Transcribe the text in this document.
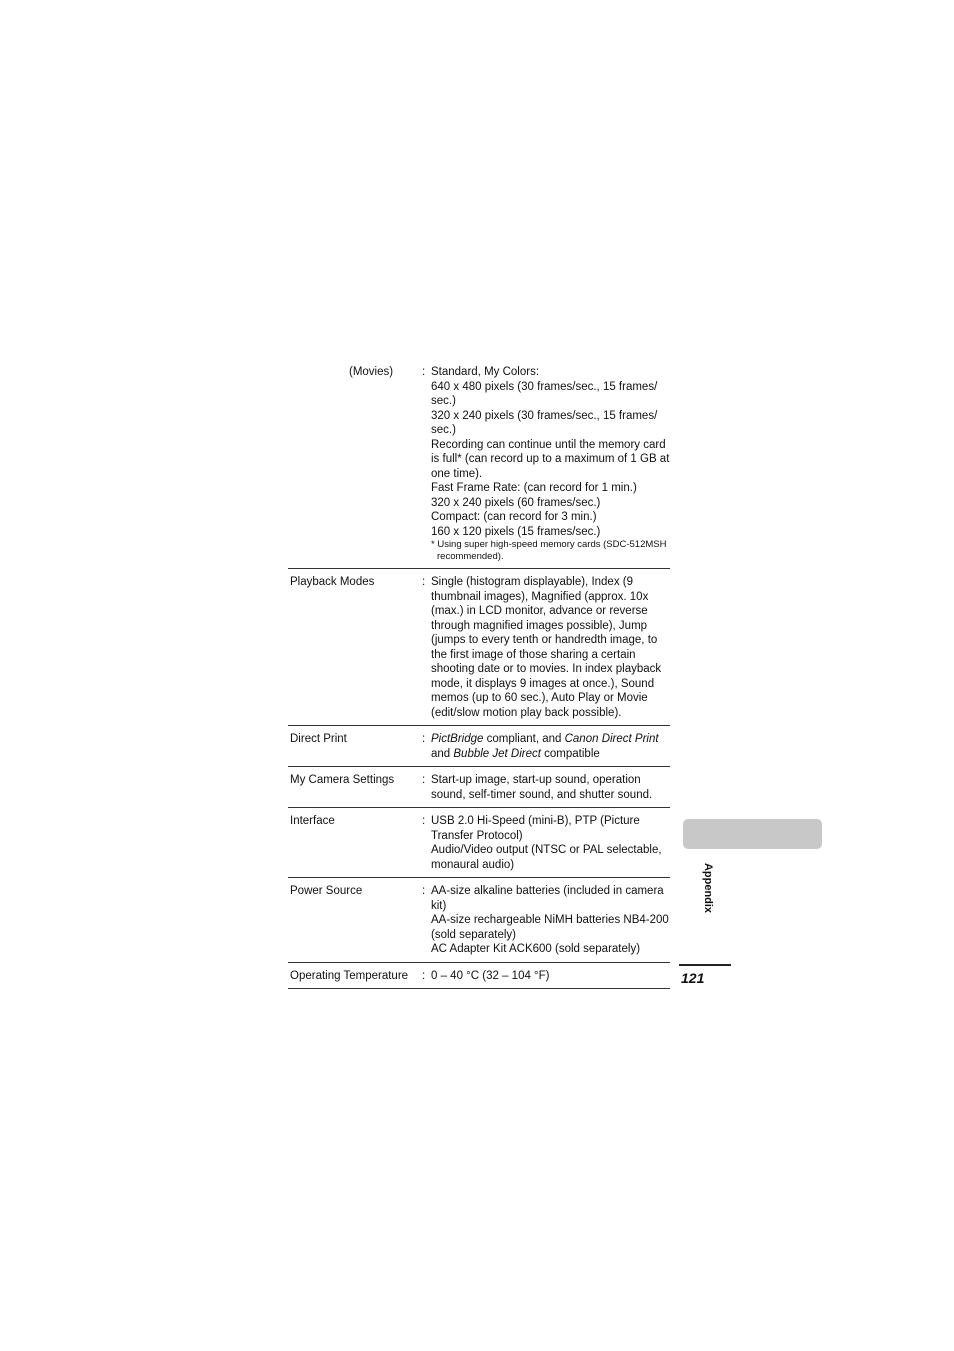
(Movies)	: Standard, My Colors:
640 x 480 pixels (30 frames/sec., 15 frames/ sec.)
320 x 240 pixels (30 frames/sec., 15 frames/ sec.)
Recording can continue until the memory card is full* (can record up to a maximum of 1 GB at one time).
Fast Frame Rate: (can record for 1 min.)
320 x 240 pixels (60 frames/sec.)
Compact: (can record for 3 min.)
160 x 120 pixels (15 frames/sec.)
* Using super high-speed memory cards (SDC-512MSH recommended).
Playback Modes	: Single (histogram displayable), Index (9 thumbnail images), Magnified (approx. 10x (max.) in LCD monitor, advance or reverse through magnified images possible), Jump (jumps to every tenth or handredth image, to the first image of those sharing a certain shooting date or to movies. In index playback mode, it displays 9 images at once.), Sound memos (up to 60 sec.), Auto Play or Movie (edit/slow motion play back possible).
Direct Print	: PictBridge compliant, and Canon Direct Print and Bubble Jet Direct compatible
My Camera Settings : Start-up image, start-up sound, operation sound, self-timer sound, and shutter sound.
Interface	: USB 2.0 Hi-Speed (mini-B), PTP (Picture Transfer Protocol)
Audio/Video output (NTSC or PAL selectable, monaural audio)
Power Source	: AA-size alkaline batteries (included in camera kit)
AA-size rechargeable NiMH batteries NB4-200 (sold separately)
AC Adapter Kit ACK600 (sold separately)
Operating Temperature : 0 – 40 °C (32 – 104 °F)
Appendix
121
